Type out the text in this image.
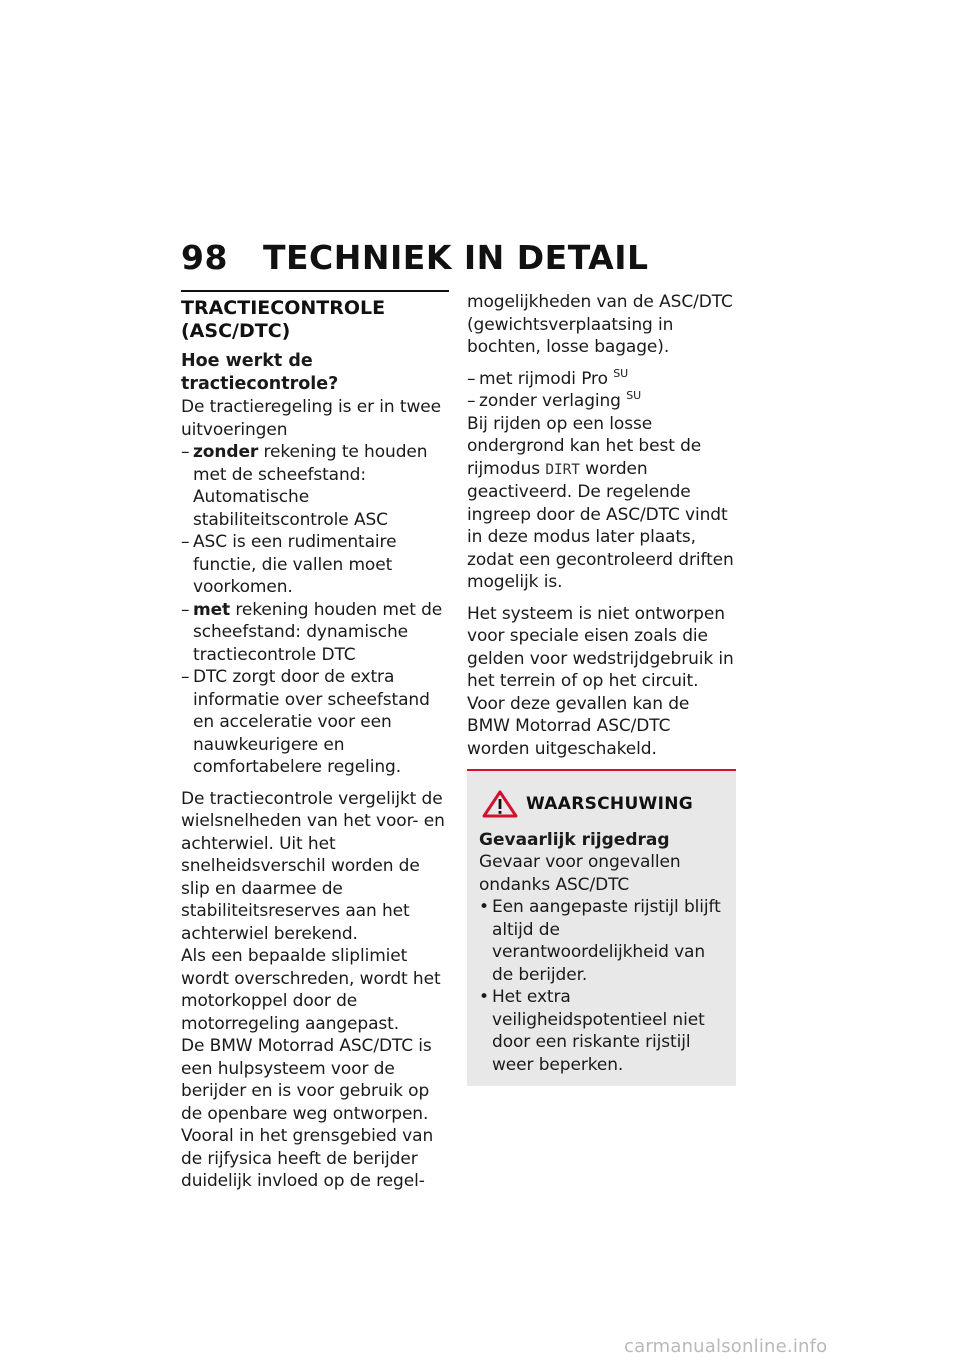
98 TECHNIEK IN DETAIL
TRACTIECONTROLE (ASC/DTC)
Hoe werkt de tractiecontrole?

De tractieregeling is er in twee uitvoeringen

– zonder rekening te houden met de scheefstand: Automatische stabiliteitscontrole ASC
– ASC is een rudimentaire functie, die vallen moet voorkomen.
– met rekening houden met de scheefstand: dynamische tractiecontrole DTC
– DTC zorgt door de extra informatie over scheefstand en acceleratie voor een nauwkeurigere en comfortabelere regeling.

De tractiecontrole vergelijkt de wielsnelheden van het voor- en achterwiel. Uit het snelheidsverschil worden de slip en daarmee de stabiliteitsreserves aan het achterwiel berekend.

Als een bepaalde sliplimiet wordt overschreden, wordt het motorkoppel door de motorregeling aangepast.

De BMW Motorrad ASC/DTC is een hulpsysteem voor de berijder en is voor gebruik op de openbare weg ontworpen. Vooral in het grensgebied van de rijfysica heeft de berijder duidelijk invloed op de regel-

mogelijkheden van de ASC/DTC (gewichtsverplaatsing in bochten, losse bagage).

– met rijmodi Pro $^{SU}$
– zonder verlaging $^{SU}$

Bij rijden op een losse ondergrond kan het best de rijmodus DIRT worden geactiveerd. De regelende ingreep door de ASC/DTC vindt in deze modus later plaats, zodat een gecontroleerd driften mogelijk is.

Het systeem is niet ontworpen voor speciale eisen zoals die gelden voor wedstrijdgebruik in het terrein of op het circuit. Voor deze gevallen kan de BMW Motorrad ASC/DTC worden uitgeschakeld.

WAARSCHUWING
Gevaarlijk rijgedrag
Gevaar voor ongevallen ondanks ASC/DTC
• Een aangepaste rijstijl blijft altijd de verantwoordelijkheid van de berijder.
• Het extra veiligheidspotentieel niet door een riskante rijstijl weer beperken.
carmanualsonline.info
